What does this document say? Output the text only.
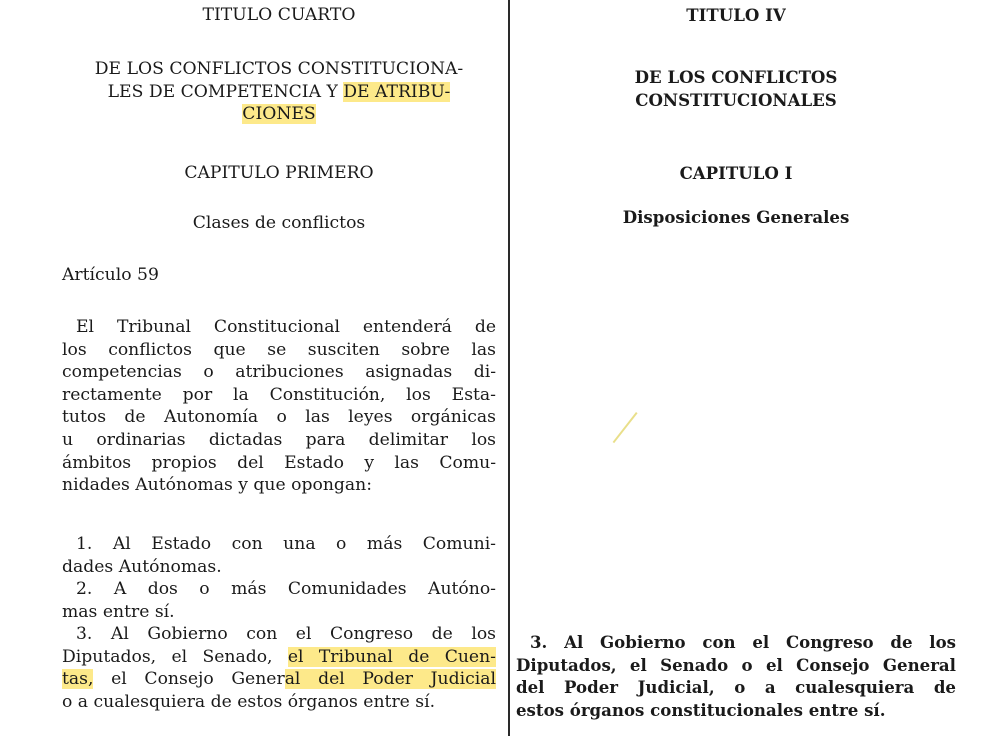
TITULO CUARTO
DE LOS CONFLICTOS CONSTITUCIONA-
LES DE COMPETENCIA Y DE ATRIBU-
CIONES
CAPITULO PRIMERO
Clases de conflictos
Artículo 59
El Tribunal Constitucional entenderá de
los conflictos que se susciten sobre las
competencias o atribuciones asignadas di-
rectamente por la Constitución, los Esta-
tutos de Autonomía o las leyes orgánicas
u ordinarias dictadas para delimitar los
ámbitos propios del Estado y las Comu-
nidades Autónomas y que opongan:
1. Al Estado con una o más Comuni-
dades Autónomas.
2. A dos o más Comunidades Autóno-
mas entre sí.
3. Al Gobierno con el Congreso de los
Diputados, el Senado, el Tribunal de Cuen-
tas, el Consejo General del Poder Judicial
o a cualesquiera de estos órganos entre sí.
TITULO IV
DE LOS CONFLICTOS
CONSTITUCIONALES
CAPITULO I
Disposiciones Generales
3. Al Gobierno con el Congreso de los
Diputados, el Senado o el Consejo General
del Poder Judicial, o a cualesquiera de
estos órganos constitucionales entre sí.
